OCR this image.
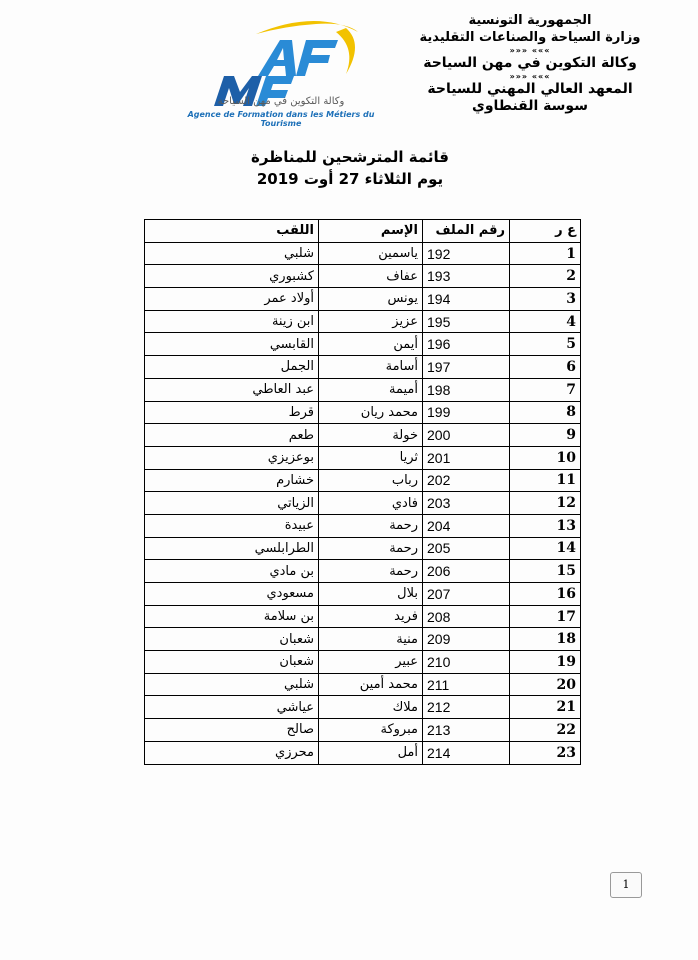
الجمهورية التونسية
وزارة السياحة والصناعات التقليدية
»»» «««
وكالة التكوين في مهن السياحة
»»» «««
المعهد العالي المهني للسياحة
سوسة القنطاوي
وكالة التكوين في مهن السياحة
Agence de Formation dans les Métiers du Tourisme
قائمة المترشحين للمناظرة
يوم الثلاثاء 27 أوت 2019
ع ر	رقم الملف	الإسم	اللقب
1	192	ياسمين	شلبي
2	193	عفاف	كشبوري
3	194	يونس	أولاد عمر
4	195	عزيز	ابن زينة
5	196	أيمن	القابسي
6	197	أسامة	الجمل
7	198	أميمة	عبد العاطي
8	199	محمد ريان	قرط
9	200	خولة	طعم
10	201	ثريا	بوعزيزي
11	202	رباب	خشارم
12	203	فادي	الزياتي
13	204	رحمة	عبيدة
14	205	رحمة	الطرابلسي
15	206	رحمة	بن مادي
16	207	بلال	مسعودي
17	208	فريد	بن سلامة
18	209	منية	شعبان
19	210	عبير	شعبان
20	211	محمد أمين	شلبي
21	212	ملاك	عياشي
22	213	مبروكة	صالح
23	214	أمل	محرزي
1
